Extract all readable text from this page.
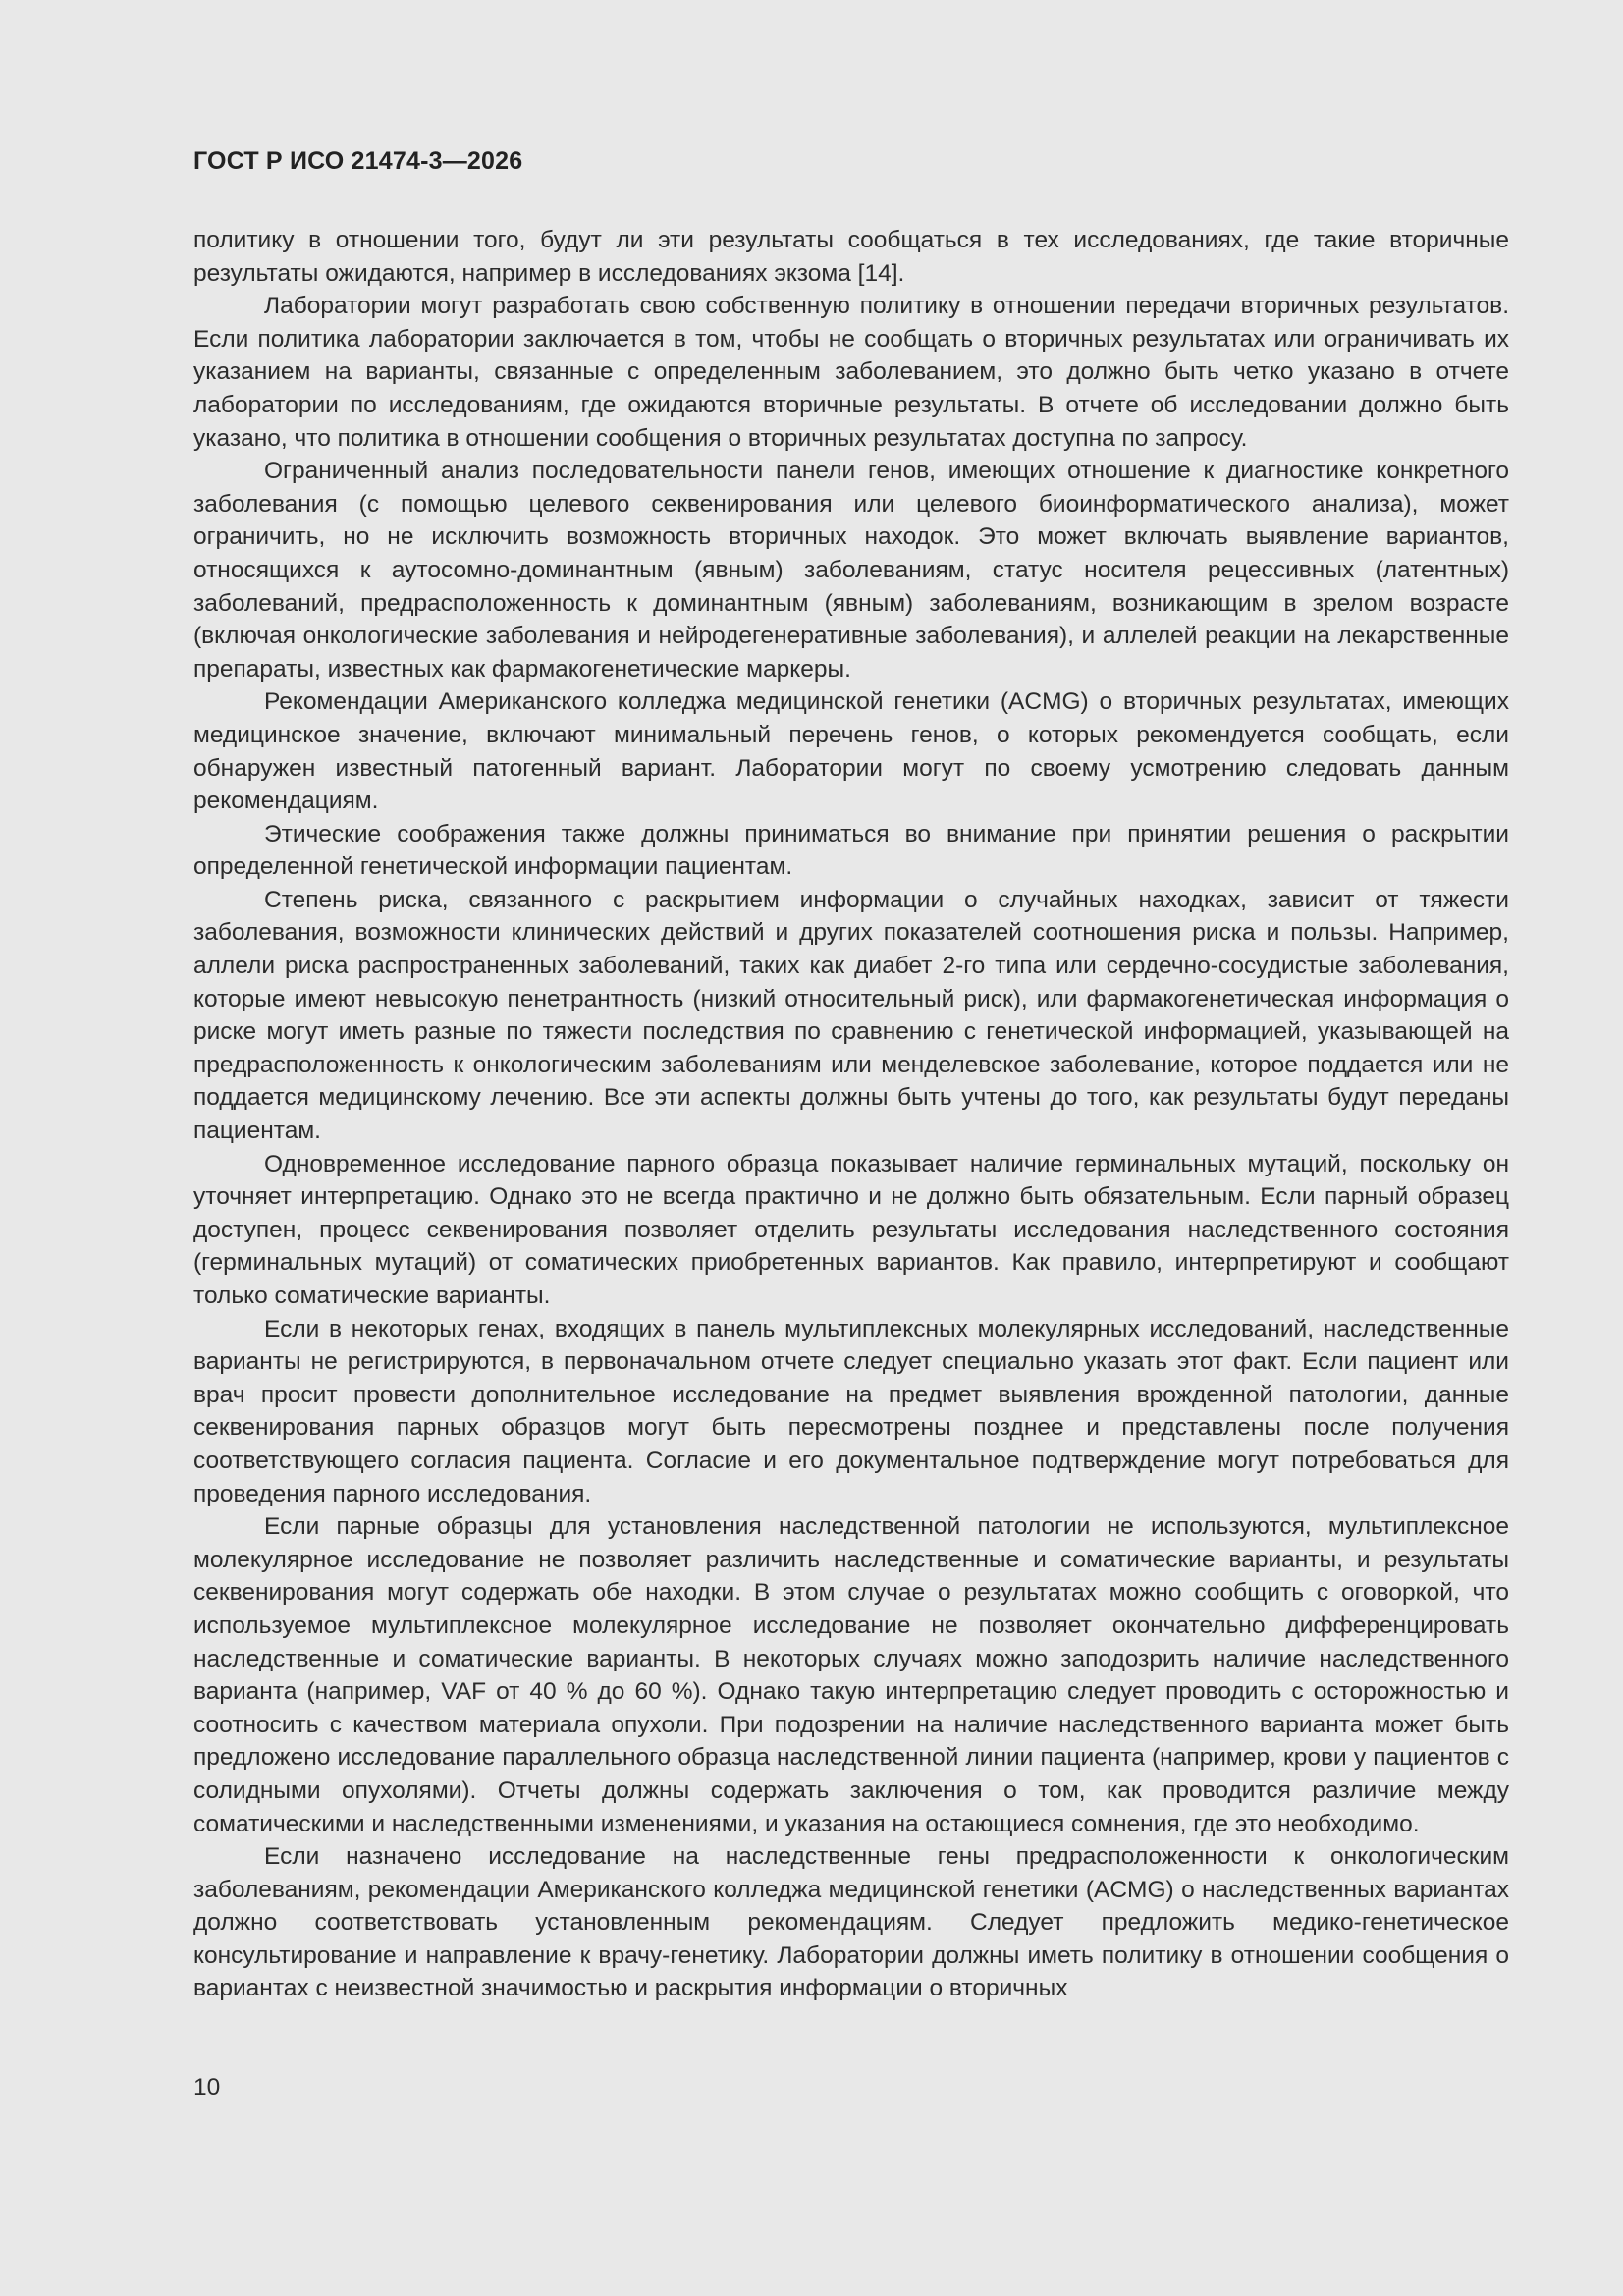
ГОСТ Р ИСО 21474-3—2026

политику в отношении того, будут ли эти результаты сообщаться в тех исследованиях, где такие вторичные результаты ожидаются, например в исследованиях экзома [14].

Лаборатории могут разработать свою собственную политику в отношении передачи вторичных результатов. Если политика лаборатории заключается в том, чтобы не сообщать о вторичных результатах или ограничивать их указанием на варианты, связанные с определенным заболеванием, это должно быть четко указано в отчете лаборатории по исследованиям, где ожидаются вторичные результаты. В отчете об исследовании должно быть указано, что политика в отношении сообщения о вторичных результатах доступна по запросу.

Ограниченный анализ последовательности панели генов, имеющих отношение к диагностике конкретного заболевания (с помощью целевого секвенирования или целевого биоинформатического анализа), может ограничить, но не исключить возможность вторичных находок. Это может включать выявление вариантов, относящихся к аутосомно-доминантным (явным) заболеваниям, статус носителя рецессивных (латентных) заболеваний, предрасположенность к доминантным (явным) заболеваниям, возникающим в зрелом возрасте (включая онкологические заболевания и нейродегенеративные заболевания), и аллелей реакции на лекарственные препараты, известных как фармакогенетические маркеры.

Рекомендации Американского колледжа медицинской генетики (ACMG) о вторичных результатах, имеющих медицинское значение, включают минимальный перечень генов, о которых рекомендуется сообщать, если обнаружен известный патогенный вариант. Лаборатории могут по своему усмотрению следовать данным рекомендациям.

Этические соображения также должны приниматься во внимание при принятии решения о раскрытии определенной генетической информации пациентам.

Степень риска, связанного с раскрытием информации о случайных находках, зависит от тяжести заболевания, возможности клинических действий и других показателей соотношения риска и пользы. Например, аллели риска распространенных заболеваний, таких как диабет 2-го типа или сердечно-сосудистые заболевания, которые имеют невысокую пенетрантность (низкий относительный риск), или фармакогенетическая информация о риске могут иметь разные по тяжести последствия по сравнению с генетической информацией, указывающей на предрасположенность к онкологическим заболеваниям или менделевское заболевание, которое поддается или не поддается медицинскому лечению. Все эти аспекты должны быть учтены до того, как результаты будут переданы пациентам.

Одновременное исследование парного образца показывает наличие герминальных мутаций, поскольку он уточняет интерпретацию. Однако это не всегда практично и не должно быть обязательным. Если парный образец доступен, процесс секвенирования позволяет отделить результаты исследования наследственного состояния (герминальных мутаций) от соматических приобретенных вариантов. Как правило, интерпретируют и сообщают только соматические варианты.

Если в некоторых генах, входящих в панель мультиплексных молекулярных исследований, наследственные варианты не регистрируются, в первоначальном отчете следует специально указать этот факт. Если пациент или врач просит провести дополнительное исследование на предмет выявления врожденной патологии, данные секвенирования парных образцов могут быть пересмотрены позднее и представлены после получения соответствующего согласия пациента. Согласие и его документальное подтверждение могут потребоваться для проведения парного исследования.

Если парные образцы для установления наследственной патологии не используются, мультиплексное молекулярное исследование не позволяет различить наследственные и соматические варианты, и результаты секвенирования могут содержать обе находки. В этом случае о результатах можно сообщить с оговоркой, что используемое мультиплексное молекулярное исследование не позволяет окончательно дифференцировать наследственные и соматические варианты. В некоторых случаях можно заподозрить наличие наследственного варианта (например, VAF от 40 % до 60 %). Однако такую интерпретацию следует проводить с осторожностью и соотносить с качеством материала опухоли. При подозрении на наличие наследственного варианта может быть предложено исследование параллельного образца наследственной линии пациента (например, крови у пациентов с солидными опухолями). Отчеты должны содержать заключения о том, как проводится различие между соматическими и наследственными изменениями, и указания на остающиеся сомнения, где это необходимо.

Если назначено исследование на наследственные гены предрасположенности к онкологическим заболеваниям, рекомендации Американского колледжа медицинской генетики (ACMG) о наследственных вариантах должно соответствовать установленным рекомендациям. Следует предложить медико-генетическое консультирование и направление к врачу-генетику. Лаборатории должны иметь политику в отношении сообщения о вариантах с неизвестной значимостью и раскрытия информации о вторичных

10
